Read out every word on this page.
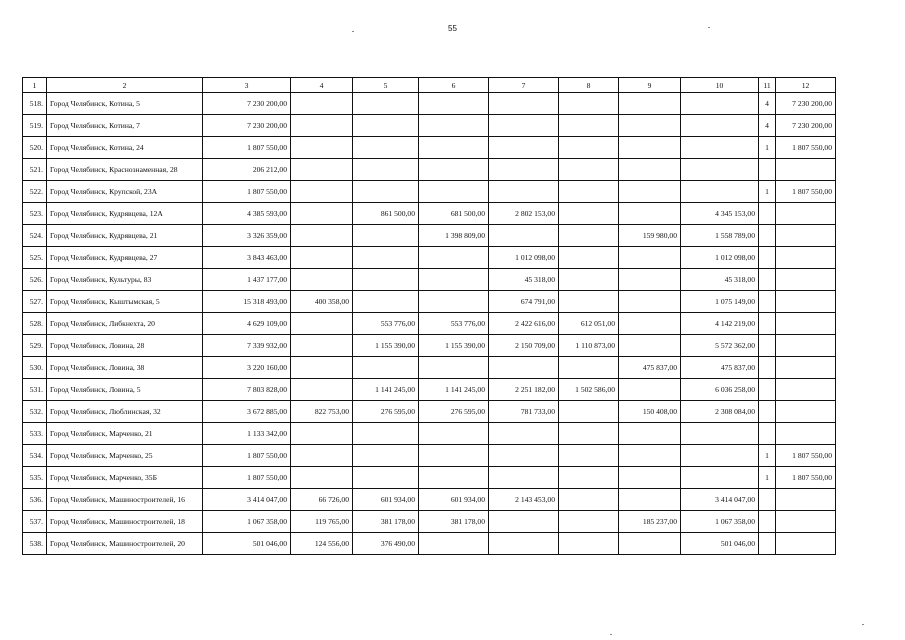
55
1	2	3	4	5	6	7	8	9	10	11	12
518.	Город Челябинск, Котина, 5	7 230 200,00								4	7 230 200,00
519.	Город Челябинск, Котина, 7	7 230 200,00								4	7 230 200,00
520.	Город Челябинск, Котина, 24	1 807 550,00								1	1 807 550,00
521.	Город Челябинск, Краснознаменная, 28	206 212,00									
522.	Город Челябинск, Крупской, 23А	1 807 550,00								1	1 807 550,00
523.	Город Челябинск, Кудрявцева, 12А	4 385 593,00		861 500,00	681 500,00	2 802 153,00			4 345 153,00		
524.	Город Челябинск, Кудрявцева, 21	3 326 359,00			1 398 809,00			159 980,00	1 558 789,00		
525.	Город Челябинск, Кудрявцева, 27	3 843 463,00				1 012 098,00			1 012 098,00		
526.	Город Челябинск, Культуры, 83	1 437 177,00				45 318,00			45 318,00		
527.	Город Челябинск, Кыштымская, 5	15 318 493,00	400 358,00			674 791,00			1 075 149,00		
528.	Город Челябинск, Либкнехта, 20	4 629 109,00		553 776,00	553 776,00	2 422 616,00	612 051,00		4 142 219,00		
529.	Город Челябинск, Ловина, 28	7 339 932,00		1 155 390,00	1 155 390,00	2 150 709,00	1 110 873,00		5 572 362,00		
530.	Город Челябинск, Ловина, 38	3 220 160,00						475 837,00	475 837,00		
531.	Город Челябинск, Ловина, 5	7 803 828,00		1 141 245,00	1 141 245,00	2 251 182,00	1 502 586,00		6 036 258,00		
532.	Город Челябинск, Люблинская, 32	3 672 885,00	822 753,00	276 595,00	276 595,00	781 733,00		150 408,00	2 308 084,00		
533.	Город Челябинск, Марченко, 21	1 133 342,00									
534.	Город Челябинск, Марченко, 25	1 807 550,00								1	1 807 550,00
535.	Город Челябинск, Марченко, 35Б	1 807 550,00								1	1 807 550,00
536.	Город Челябинск, Машиностроителей, 16	3 414 047,00	66 726,00	601 934,00	601 934,00	2 143 453,00			3 414 047,00		
537.	Город Челябинск, Машиностроителей, 18	1 067 358,00	119 765,00	381 178,00	381 178,00			185 237,00	1 067 358,00		
538.	Город Челябинск, Машиностроителей, 20	501 046,00	124 556,00	376 490,00					501 046,00		
